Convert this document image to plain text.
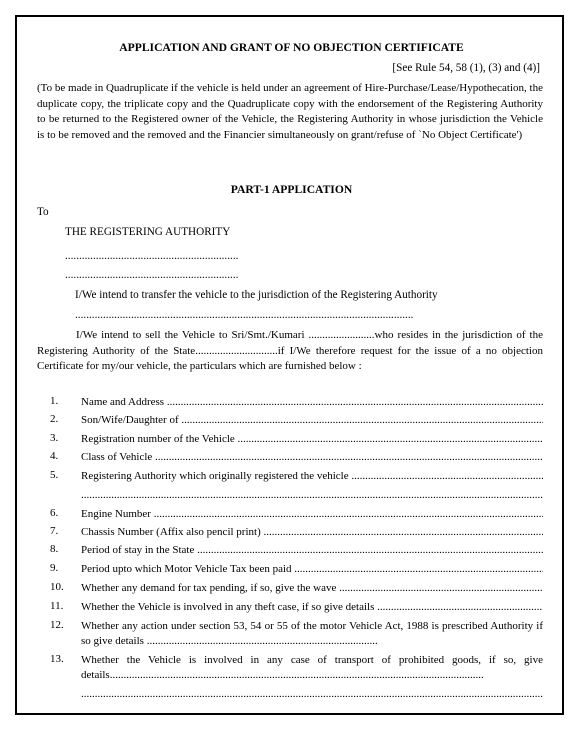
APPLICATION AND GRANT OF NO OBJECTION CERTIFICATE

[See Rule 54, 58 (1), (3) and (4)]

(To be made in Quadruplicate if the vehicle is held under an agreement of Hire-Purchase/Lease/Hypothecation, the duplicate copy, the triplicate copy and the Quadruplicate copy with the endorsement of the Registering Authority to be returned to the Registered owner of the Vehicle, the Registering Authority in whose jurisdiction the Vehicle is to be removed and the removed and the Financier simultaneously on grant/refuse of `No Object Certificate')

PART-1 APPLICATION

To

THE REGISTERING AUTHORITY

..............................................................

..............................................................

I/We intend to transfer the vehicle to the jurisdiction of the Registering Authority

.........................................................................................................................

I/We intend to sell the Vehicle to Sri/Smt./Kumari ........................who resides in the jurisdiction of the Registering Authority of the State..............................if I/We therefore request for the issue of a no objection Certificate for my/our vehicle, the particulars which are furnished below :

1. Name and Address .....

2. Son/Wife/Daughter of .....

3. Registration number of the Vehicle .....

4. Class of Vehicle .....

5. Registering Authority which originally registered the vehicle .....

.....

6. Engine Number .....

7. Chassis Number (Affix also pencil print) .....

8. Period of stay in the State .....

9. Period upto which Motor Vehicle Tax been paid .....

10. Whether any demand for tax pending, if so, give the wave .....

11. Whether the Vehicle is involved in any theft case, if so give details .....

12. Whether any action under section 53, 54 or 55 of the motor Vehicle Act, 1988 is prescribed Authority if so give details ....................................................................................

13. Whether the Vehicle is involved in any case of transport of prohibited goods, if so, give details........................................................................................................................................

.....
